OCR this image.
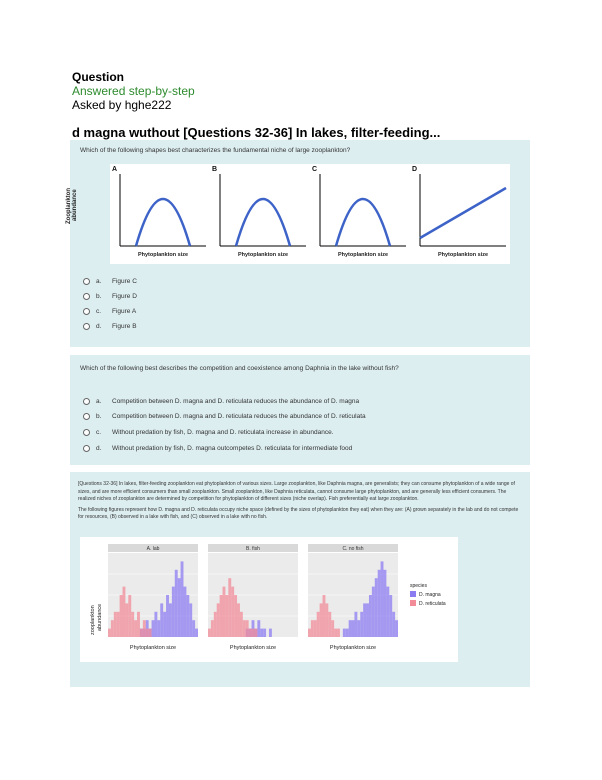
Question
Answered step-by-step
Asked by hghe222
d magna wuthout [Questions 32-36] In lakes, filter-feeding...
Which of the following shapes best characterizes the fundamental niche of large zooplankton?
Zooplankton abundance
A
Phytoplankton size
B
Phytoplankton size
C
Phytoplankton size
D
Phytoplankton size
a.	Figure C
b.	Figure D
c.	Figure A
d.	Figure B
Which of the following best describes the competition and coexistence among Daphnia in the lake without fish?
a.	Competition between D. magna and D. reticulata reduces the abundance of D. magna
b.	Competition between D. magna and D. reticulata reduces the abundance of D. reticulata
c.	Without predation by fish, D. magna and D. reticulata increase in abundance.
d.	Without predation by fish, D. magna outcompetes D. reticulata for intermediate food
[Questions 32-36] In lakes, filter-feeding zooplankton eat phytoplankton of various sizes. Large zooplankton, like Daphnia magna, are generalists; they can consume phytoplankton of a wide range of sizes, and are more efficient consumers than small zooplankton. Small zooplankton, like Daphnia reticulata, cannot consume large phytoplankton, and are generally less efficient consumers. The realized niches of zooplankton are determined by competition for phytoplankton of different sizes (niche overlap). Fish preferentially eat large zooplankton.
The following figures represent how D. magna and D. reticulata occupy niche space (defined by the sizes of phytoplankton they eat) when they are: (A) grown separately in the lab and do not compete for resources, (B) observed in a lake with fish, and (C) observed in a lake with no fish.
zooplankton abundance
A. lab	B. fish	C. no fish
Phytoplankton size	Phytoplankton size	Phytoplankton size
species
D. magna
D. reticulata
